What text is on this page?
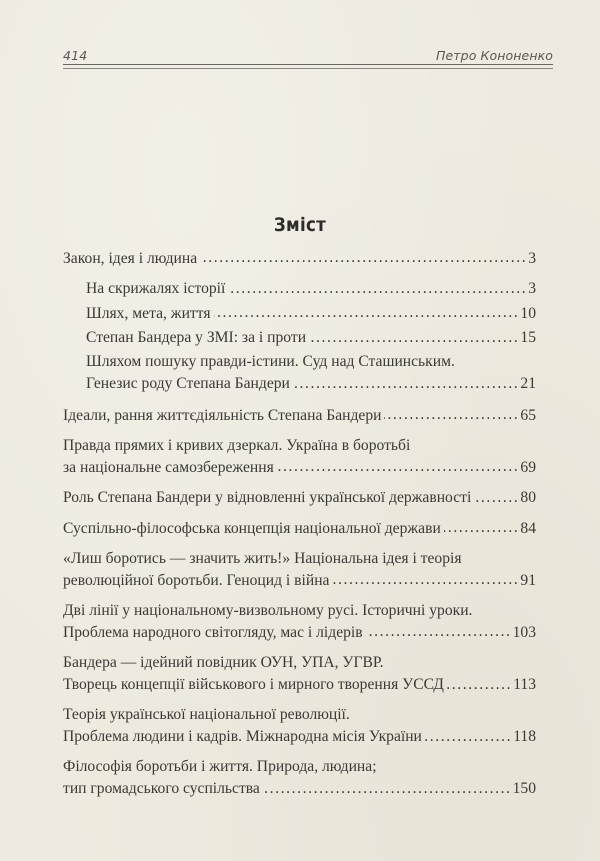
414	Петро Кононенко
Зміст
Закон, ідея і людина .....	3
На скрижалях історії .....	3
Шлях, мета, життя .....	10
Степан Бандера у ЗМІ: за і проти .....	15
Шляхом пошуку правди-істини. Суд над Сташинським.
Генезис роду Степана Бандери .....	21
Ідеали, рання життєдіяльність Степана Бандери .....	65
Правда прямих і кривих дзеркал. Україна в боротьбі
за національне самозбереження .....	69
Роль Степана Бандери у відновленні української державності .....	80
Суспільно-філософська концепція національної держави .....	84
«Лиш боротись — значить жить!» Національна ідея і теорія
революційної боротьби. Геноцид і війна .....	91
Дві лінії у національному-визвольному русі. Історичні уроки.
Проблема народного світогляду, мас і лідерів .....	103
Бандера — ідейний повідник ОУН, УПА, УГВР.
Творець концепції військового і мирного творення УССД .....	113
Теорія української національної революції.
Проблема людини і кадрів. Міжнародна місія України .....	118
Філософія боротьби і життя. Природа, людина;
тип громадського суспільства .....	150
